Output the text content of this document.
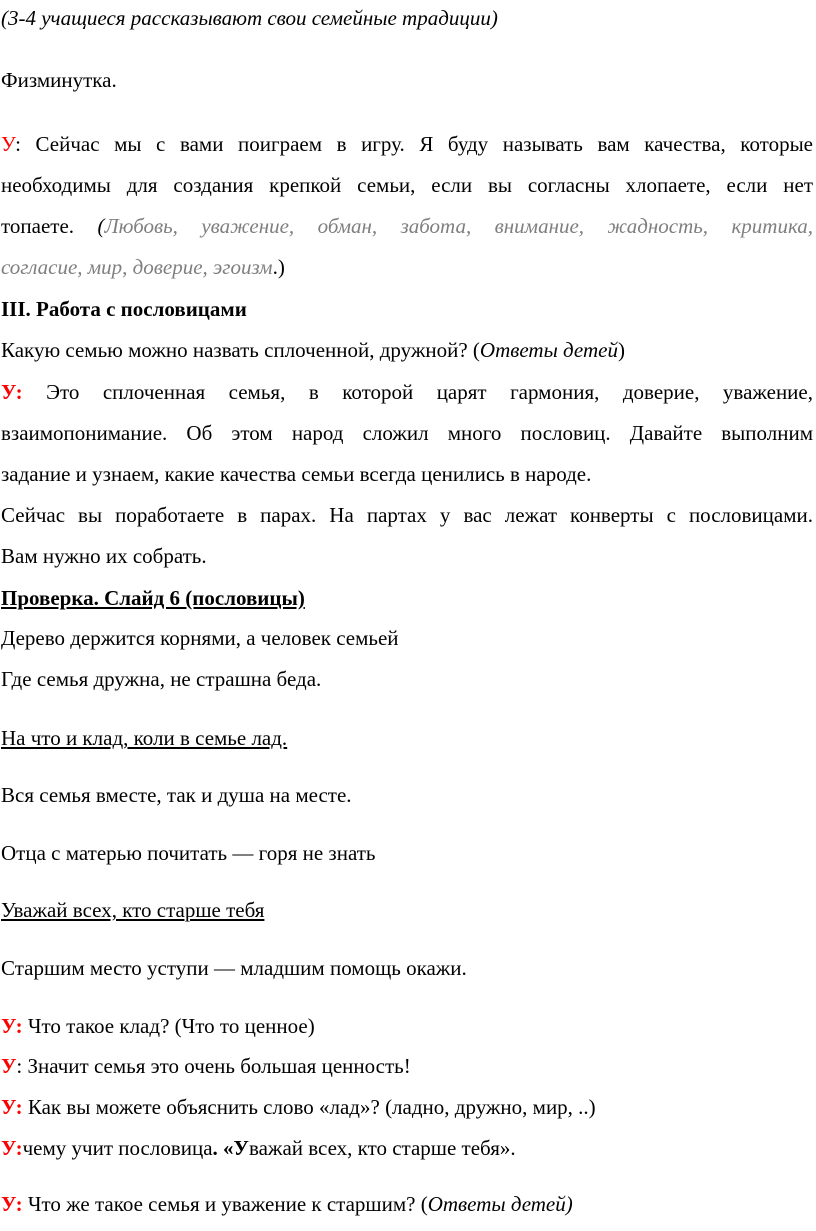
(3-4 учащиеся рассказывают свои семейные традиции)
Физминутка.
У: Сейчас мы с вами поиграем в игру. Я буду называть вам качества, которые
необходимы для создания крепкой семьи, если вы согласны хлопаете, если нет
топаете. (Любовь, уважение, обман, забота, внимание, жадность, критика,
согласие, мир, доверие, эгоизм.)
III. Работа с пословицами
Какую семью можно назвать сплоченной, дружной? (Ответы детей)
У: Это сплоченная семья, в которой царят гармония, доверие, уважение,
взаимопонимание. Об этом народ сложил много пословиц. Давайте выполним
задание и узнаем, какие качества семьи всегда ценились в народе.
Сейчас вы поработаете в парах. На партах у вас лежат конверты с пословицами.
Вам нужно их собрать.
Проверка. Слайд 6 (пословицы)
Дерево держится корнями, а человек семьей
Где семья дружна, не страшна беда.
На что и клад, коли в семье лад.
Вся семья вместе, так и душа на месте.
Отца с матерью почитать — горя не знать
Уважай всех, кто старше тебя
Старшим место уступи — младшим помощь окажи.
У: Что такое клад? (Что то ценное)
У: Значит семья это очень большая ценность!
У: Как вы можете объяснить слово «лад»? (ладно, дружно, мир, ..)
У:чему учит пословица. «Уважай всех, кто старше тебя».
У: Что же такое семья и уважение к старшим? (Ответы детей)
